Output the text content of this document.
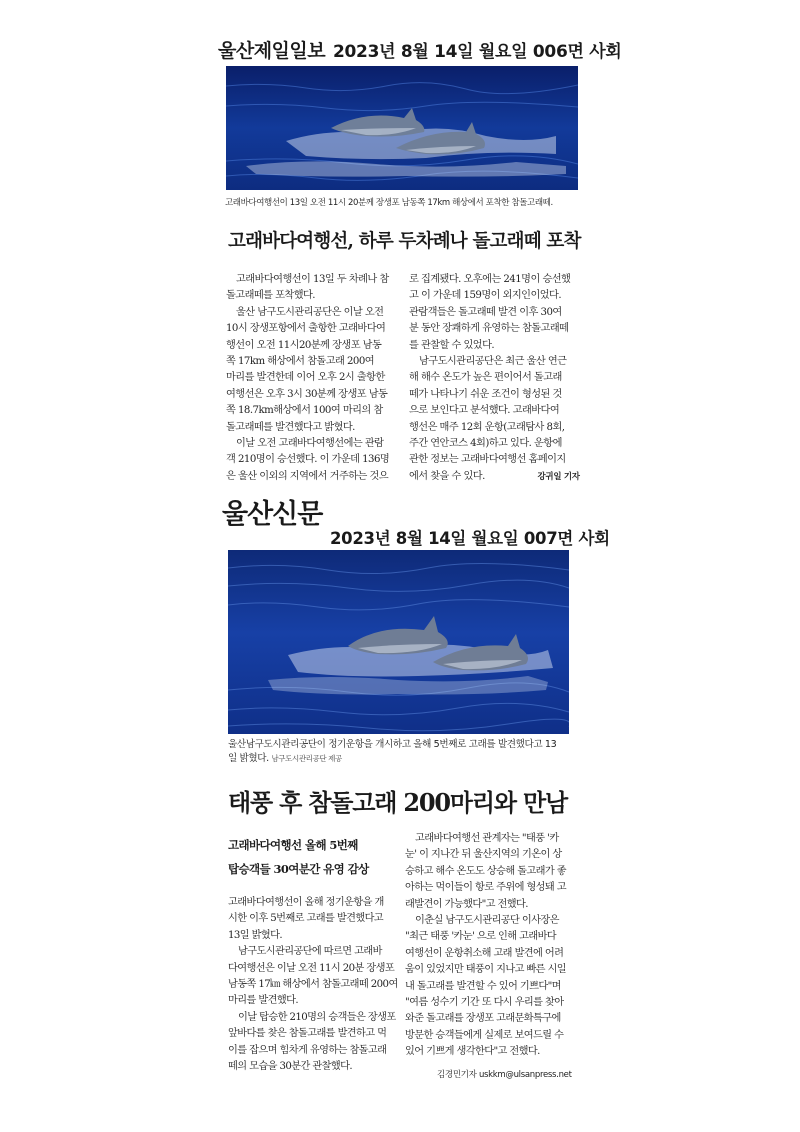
울산제일일보 2023년 8월 14일 월요일 006면 사회
고래바다여행선이 13일 오전 11시 20분께 장생포 남동쪽 17km 해상에서 포착한 참돌고래떼.
고래바다여행선, 하루 두차례나 돌고래떼 포착
고래바다여행선이 13일 두 차례나 참
돌고래떼를 포착했다.
울산 남구도시관리공단은 이날 오전
10시 장생포항에서 출항한 고래바다여
행선이 오전 11시20분께 장생포 남동
쪽 17km 해상에서 참돌고래 200여
마리를 발견한데 이어 오후 2시 출항한
여행선은 오후 3시 30분께 장생포 남동
쪽 18.7km해상에서 100여 마리의 참
돌고래떼를 발견했다고 밝혔다.
이날 오전 고래바다여행선에는 관람
객 210명이 승선했다. 이 가운데 136명
은 울산 이외의 지역에서 거주하는 것으
로 집계됐다. 오후에는 241명이 승선했
고 이 가운데 159명이 외지인이었다.
관람객들은 돌고래떼 발견 이후 30여
분 동안 장쾌하게 유영하는 참돌고래떼
를 관찰할 수 있었다.
남구도시관리공단은 최근 울산 연근
해 해수 온도가 높은 편이어서 돌고래
떼가 나타나기 쉬운 조건이 형성된 것
으로 보인다고 분석했다. 고래바다여
행선은 매주 12회 운항(고래탐사 8회,
주간 연안코스 4회)하고 있다. 운항에
관한 정보는 고래바다여행선 홈페이지
에서 찾을 수 있다.	강귀일 기자
울산신문
2023년 8월 14일 월요일 007면 사회
울산남구도시관리공단이 정기운항을 개시하고 올해 5번째로 고래를 발견했다고 13
일 밝혔다. 남구도시관리공단 제공
태풍 후 참돌고래 200마리와 만남
고래바다여행선 올해 5번째
탑승객들 30여분간 유영 감상
고래바다여행선이 올해 정기운항을 개
시한 이후 5번째로 고래를 발견했다고
13일 밝혔다.
남구도시관리공단에 따르면 고래바
다여행선은 이날 오전 11시 20분 장생포
남동쪽 17㎞ 해상에서 참돌고래떼 200여
마리를 발견했다.
이날 탑승한 210명의 승객들은 장생포
앞바다를 찾은 참돌고래를 발견하고 먹
이를 잡으며 힘차게 유영하는 참돌고래
떼의 모습을 30분간 관찰했다.
고래바다여행선 관계자는 "태풍 '카
눈' 이 지나간 뒤 울산지역의 기온이 상
승하고 해수 온도도 상승해 돌고래가 좋
아하는 먹이들이 항로 주위에 형성돼 고
래발견이 가능했다"고 전했다.
이춘실 남구도시관리공단 이사장은
"최근 태풍 '카눈' 으로 인해 고래바다
여행선이 운항취소해 고래 발견에 어려
움이 있었지만 태풍이 지나고 빠른 시일
내 돌고래를 발견할 수 있어 기쁘다"며
"여름 성수기 기간 또 다시 우리를 찾아
와준 돌고래를 장생포 고래문화특구에
방문한 승객들에게 실제로 보여드릴 수
있어 기쁘게 생각한다"고 전했다.
김경민기자 uskkm@ulsanpress.net
